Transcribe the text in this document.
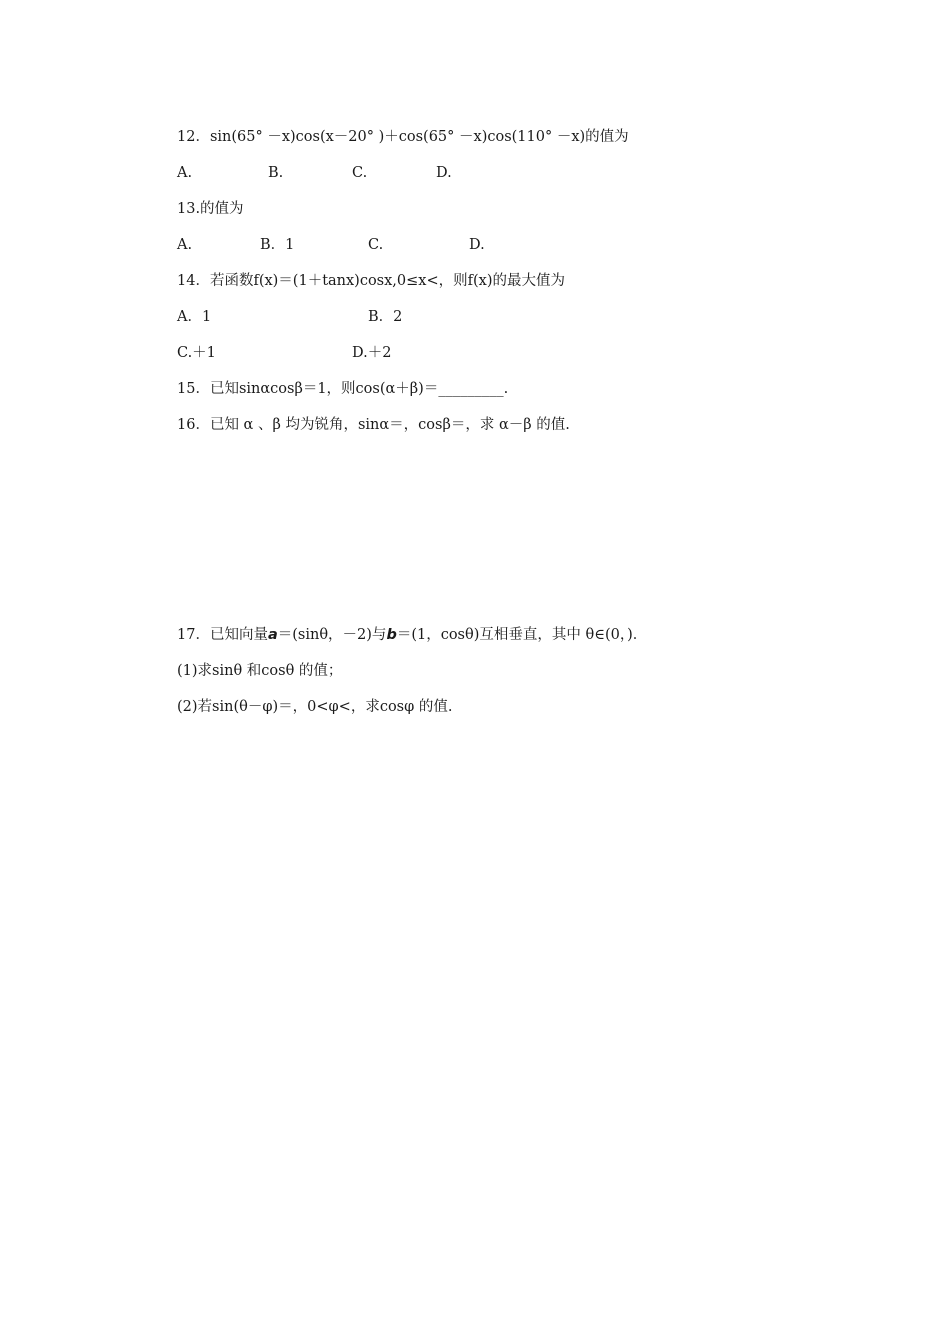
12．sin(65° －x)cos(x－20° )＋cos(65° －x)cos(110° －x)的值为
A.	B.	C.	D.
13.的值为
A.	B．1	C.	D.
14．若函数f(x)＝(1＋tanx)cosx,0≤x<，则f(x)的最大值为
A．1	B．2
C.＋1	D.＋2
15．已知sinαcosβ＝1，则cos(α＋β)＝_________.
16．已知 α 、β 均为锐角，sinα＝，cosβ＝，求 α－β 的值.
17．已知向量a＝(sinθ，－2)与b＝(1，cosθ)互相垂直，其中 θ∈(0，)．
(1)求sinθ 和cosθ 的值；
(2)若sin(θ－φ)＝，0<φ<，求cosφ 的值.
